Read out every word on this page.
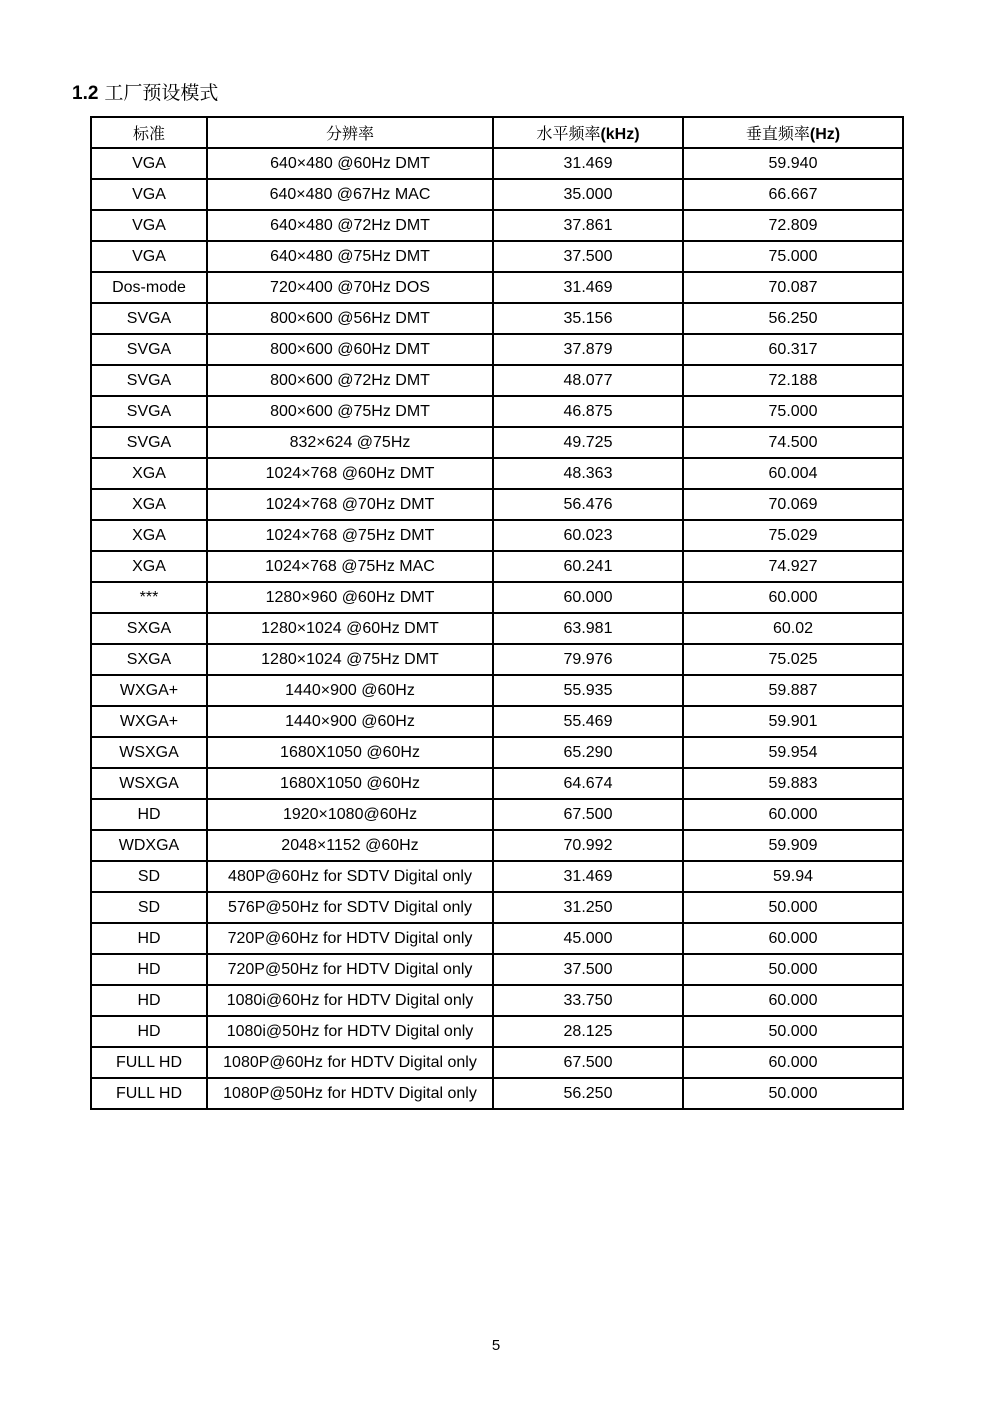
1.2 工厂预设模式
标准	分辨率	水平频率(kHz)	垂直频率(Hz)
VGA	640×480 @60Hz DMT	31.469	59.940
VGA	640×480 @67Hz MAC	35.000	66.667
VGA	640×480 @72Hz DMT	37.861	72.809
VGA	640×480 @75Hz DMT	37.500	75.000
Dos-mode	720×400 @70Hz DOS	31.469	70.087
SVGA	800×600 @56Hz DMT	35.156	56.250
SVGA	800×600 @60Hz DMT	37.879	60.317
SVGA	800×600 @72Hz DMT	48.077	72.188
SVGA	800×600 @75Hz DMT	46.875	75.000
SVGA	832×624 @75Hz	49.725	74.500
XGA	1024×768 @60Hz DMT	48.363	60.004
XGA	1024×768 @70Hz DMT	56.476	70.069
XGA	1024×768 @75Hz DMT	60.023	75.029
XGA	1024×768 @75Hz MAC	60.241	74.927
***	1280×960 @60Hz DMT	60.000	60.000
SXGA	1280×1024 @60Hz DMT	63.981	60.02
SXGA	1280×1024 @75Hz DMT	79.976	75.025
WXGA+	1440×900 @60Hz	55.935	59.887
WXGA+	1440×900 @60Hz	55.469	59.901
WSXGA	1680X1050 @60Hz	65.290	59.954
WSXGA	1680X1050 @60Hz	64.674	59.883
HD	1920×1080@60Hz	67.500	60.000
WDXGA	2048×1152 @60Hz	70.992	59.909
SD	480P@60Hz for SDTV Digital only	31.469	59.94
SD	576P@50Hz for SDTV Digital only	31.250	50.000
HD	720P@60Hz for HDTV Digital only	45.000	60.000
HD	720P@50Hz for HDTV Digital only	37.500	50.000
HD	1080i@60Hz for HDTV Digital only	33.750	60.000
HD	1080i@50Hz for HDTV Digital only	28.125	50.000
FULL HD	1080P@60Hz for HDTV Digital only	67.500	60.000
FULL HD	1080P@50Hz for HDTV Digital only	56.250	50.000
5
